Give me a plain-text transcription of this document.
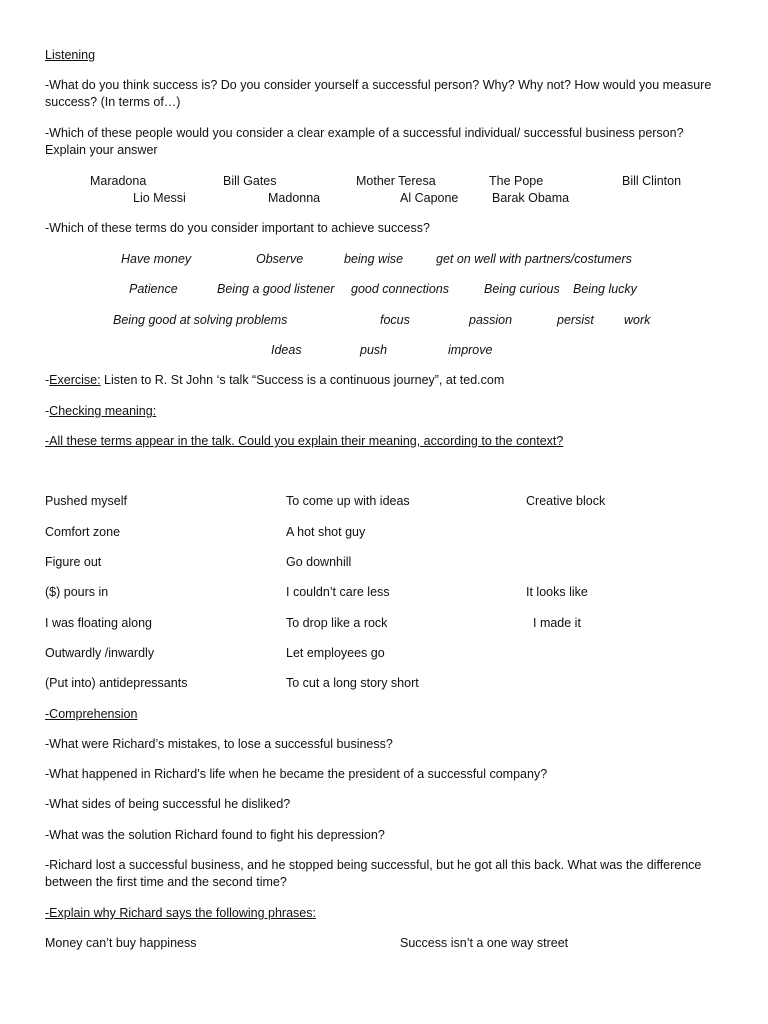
Listening
-What do you think success is? Do you consider yourself a successful person? Why? Why not? How would you measure success? (In terms of…)
-Which of these people would you consider a clear example of a successful individual/ successful business person? Explain your answer
Maradona	Bill Gates	Mother Teresa	The Pope	Bill Clinton
Lio Messi	Madonna	Al Capone	Barak Obama
-Which of these terms do you consider important to achieve success?
Have money	Observe	being wise	get on well with partners/costumers
Patience	Being a good listener good connections	Being curious Being lucky
Being good at solving problems	focus	passion	persist work
Ideas	push	improve
-Exercise: Listen to R. St John ‘s talk “Success is a continuous journey”, at ted.com
-Checking meaning:
-All these terms appear in the talk. Could you explain their meaning, according to the context?
Pushed myself	To come up with ideas	Creative block
Comfort zone	A hot shot guy
Figure out	Go downhill
($) pours in	I couldn’t care less	It looks like
I was floating along	To drop like a rock	I made it
Outwardly /inwardly	Let employees go
(Put into) antidepressants	To cut a long story short
-Comprehension
-What were Richard’s mistakes, to lose a successful business?
-What happened in Richard’s life when he became the president of a successful company?
-What sides of being successful he disliked?
-What was the solution Richard found to fight his depression?
-Richard lost a successful business, and he stopped being successful, but he got all this back. What was the difference between the first time and the second time?
-Explain why Richard says the following phrases:
Money can’t buy happiness	Success isn’t a one way street
